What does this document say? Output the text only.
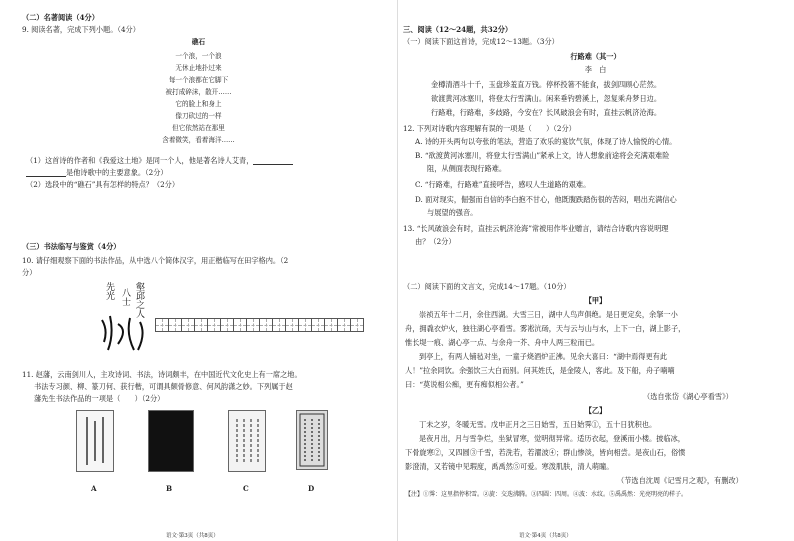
（二）名著阅读（4分）
9. 阅读名著，完成下列小题。（4分）
礁石
一个浪，一个浪
无休止地扑过来
每一个浪都在它脚下
被打成碎沫，散开……
它的脸上和身上
像刀砍过的一样
但它依然站在那里
含着微笑，看着海洋……
（1）这首诗的作者和《我爱这土地》是同一个人，他是著名诗人艾青，
是他诗歌中的主要意象。（2分）
（2）选段中的“礁石”具有怎样的特点？（2分）
（三）书法临写与鉴赏（4分）
10. 请仔细观察下面的书法作品，从中选八个简体汉字，用正楷临写在田字格内。（2
分）
壑邱之人
八士
先光
11. 赵藩，云南剑川人，主攻诗词、书法，诗词颇丰，在中国近代文化史上有一席之地。
书法专习颜、柳、篆刀何、获行楷，可谓具颇骨修意、何风韵潇之妙。下列属于赵
藩先生书法作品的一项是（　　）（2分）
A	B	C	D
语文·第3页（共8页）
三、阅读（12～24题，共32分）
（一）阅读下面这首诗，完成12～13题。（3分）
行路难（其一）
李　白
金樽清酒斗十千，玉盘珍羞直万钱。停杯投箸不能食，拔剑四顾心茫然。
欲渡黄河冰塞川，将登太行雪满山。闲来垂钓碧溪上，忽复乘舟梦日边。
行路难，行路难，多歧路，今安在？长风破浪会有时，直挂云帆济沧海。
12. 下列对诗歌内容理解有误的一项是（　　）（2分）
A. 诗的开头两句以夸张的笔法，营造了欢乐的宴饮气氛，体现了诗人愉悦的心情。
B. “欲渡黄河冰塞川，将登太行雪满山”紧承上文，诗人想象前途将会充满艰难险
阻，从侧面表现行路难。
C. “行路难，行路难”直接呼告，感叹人生道路的艰难。
D. 面对现实，倔强而自信的李白抱不甘心，他既腹跌踏伤很的苦闷，唱出充满信心
与展望的强音。
13. “长风破浪会有时，直挂云帆济沧海”常被用作毕业赠言，请结合诗歌内容说明理
由？（2分）
（二）阅读下面的文言文，完成14～17题。（10分）
【甲】
崇祯五年十二月，余住西湖。大雪三日，湖中人鸟声俱绝。是日更定矣，余拏一小
舟，拥毳衣炉火，独往湖心亭看雪。雾凇沆砀，天与云与山与水，上下一白，湖上影子，
惟长堤一痕、湖心亭一点、与余舟一芥、舟中人两三粒而已。
到亭上，有两人铺毡对坐，一童子烧酒炉正沸。见余大喜曰：“湖中焉得更有此
人！”拉余同饮。余强饮三大白而别。问其姓氏，是金陵人，客此。及下船，舟子喃喃
曰：“莫说相公痴，更有痴似相公者。”
（选自张岱《湖心亭看雪》）
【乙】
丁未之岁，冬暖无雪。戊申正月之三日始雪，五日始霁①，五十日犹积也。
是夜月出，月与雪争烂，坐狱冒寒，觉明彻异常。适历衣起，登溪而小楼。披临冰，
下骨旋寒②，又四圆③千雪，若洗若，若濯波④；群山惨淡，皆向相尝。是夜山石，俗惯
影澄清，又若镜中见瑕度，禹禹然⑤可爱。寒泼肌肤，清人萌瞳。
（节选自沈周《记雪月之观》，有删改）
【注】①霁：这里指停积雪。②旋：交迭沸腾。③四圆：四周。④波：水纹。⑤禹禹然：光亮明亮的样子。
语文·第4页（共8页）
